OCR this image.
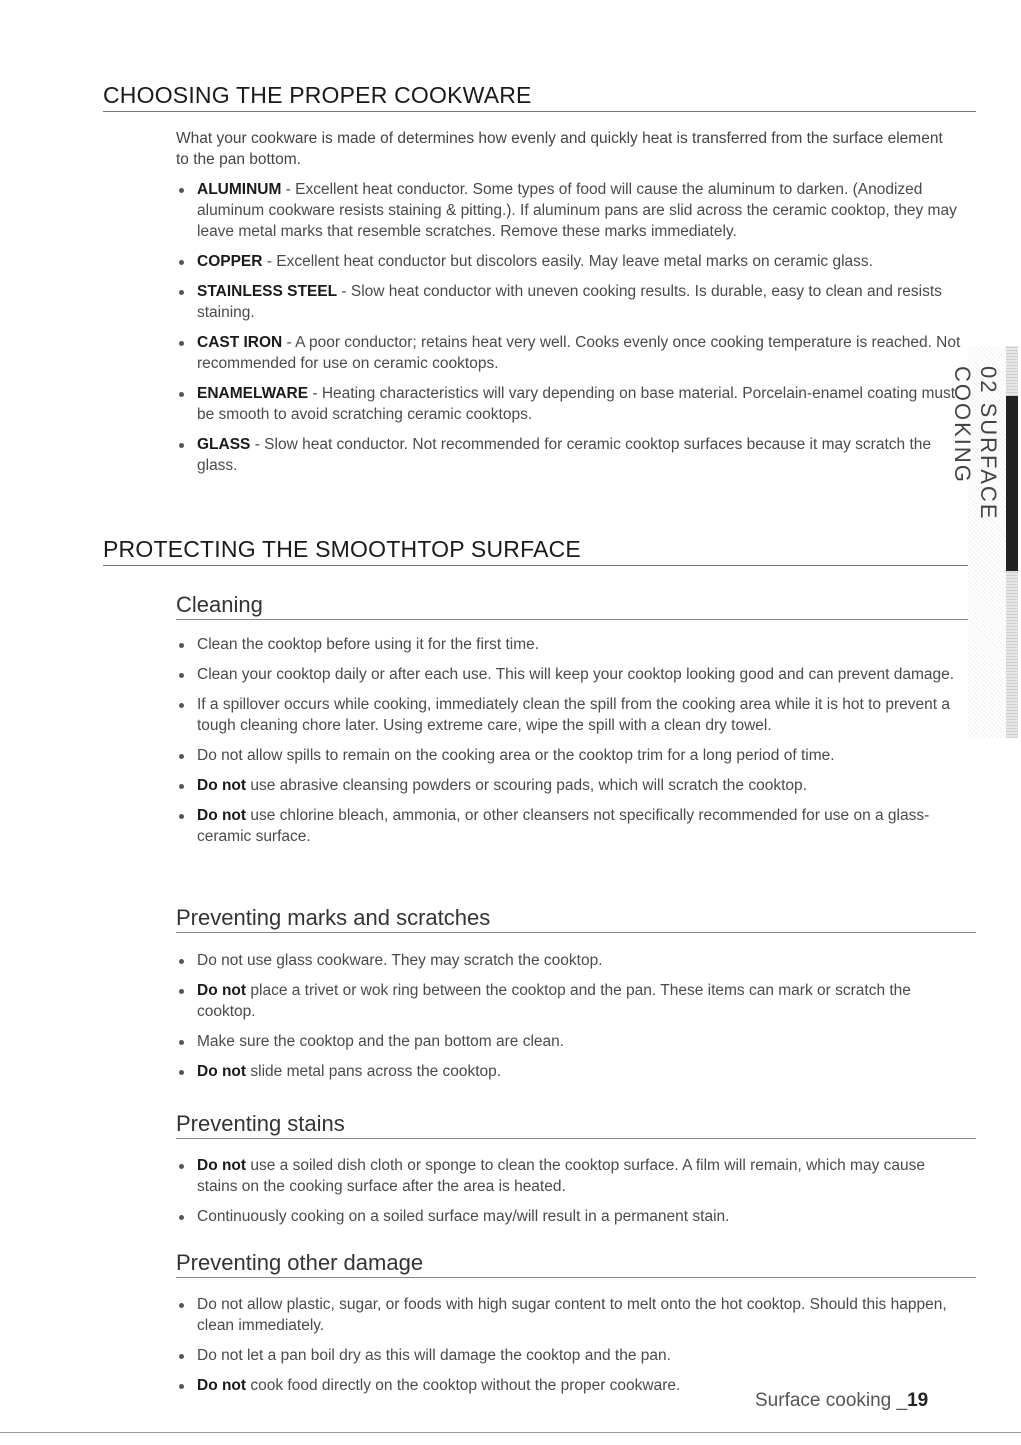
CHOOSING THE PROPER COOKWARE
What your cookware is made of determines how evenly and quickly heat is transferred from the surface element to the pan bottom.
ALUMINUM - Excellent heat conductor. Some types of food will cause the aluminum to darken. (Anodized aluminum cookware resists staining & pitting.). If aluminum pans are slid across the ceramic cooktop, they may leave metal marks that resemble scratches. Remove these marks immediately.
COPPER - Excellent heat conductor but discolors easily. May leave metal marks on ceramic glass.
STAINLESS STEEL - Slow heat conductor with uneven cooking results. Is durable, easy to clean and resists staining.
CAST IRON - A poor conductor; retains heat very well. Cooks evenly once cooking temperature is reached. Not recommended for use on ceramic cooktops.
ENAMELWARE - Heating characteristics will vary depending on base material. Porcelain-enamel coating must be smooth to avoid scratching ceramic cooktops.
GLASS - Slow heat conductor. Not recommended for ceramic cooktop surfaces because it may scratch the glass.
PROTECTING THE SMOOTHTOP SURFACE
Cleaning
Clean the cooktop before using it for the first time.
Clean your cooktop daily or after each use. This will keep your cooktop looking good and can prevent damage.
If a spillover occurs while cooking, immediately clean the spill from the cooking area while it is hot to prevent a tough cleaning chore later. Using extreme care, wipe the spill with a clean dry towel.
Do not allow spills to remain on the cooking area or the cooktop trim for a long period of time.
Do not use abrasive cleansing powders or scouring pads, which will scratch the cooktop.
Do not use chlorine bleach, ammonia, or other cleansers not specifically recommended for use on a glass-ceramic surface.
Preventing marks and scratches
Do not use glass cookware. They may scratch the cooktop.
Do not place a trivet or wok ring between the cooktop and the pan. These items can mark or scratch the cooktop.
Make sure the cooktop and the pan bottom are clean.
Do not slide metal pans across the cooktop.
Preventing stains
Do not use a soiled dish cloth or sponge to clean the cooktop surface. A film will remain, which may cause stains on the cooking surface after the area is heated.
Continuously cooking on a soiled surface may/will result in a permanent stain.
Preventing other damage
Do not allow plastic, sugar, or foods with high sugar content to melt onto the hot cooktop. Should this happen, clean immediately.
Do not let a pan boil dry as this will damage the cooktop and the pan.
Do not cook food directly on the cooktop without the proper cookware.
02 SURFACE COOKING
Surface cooking _19
